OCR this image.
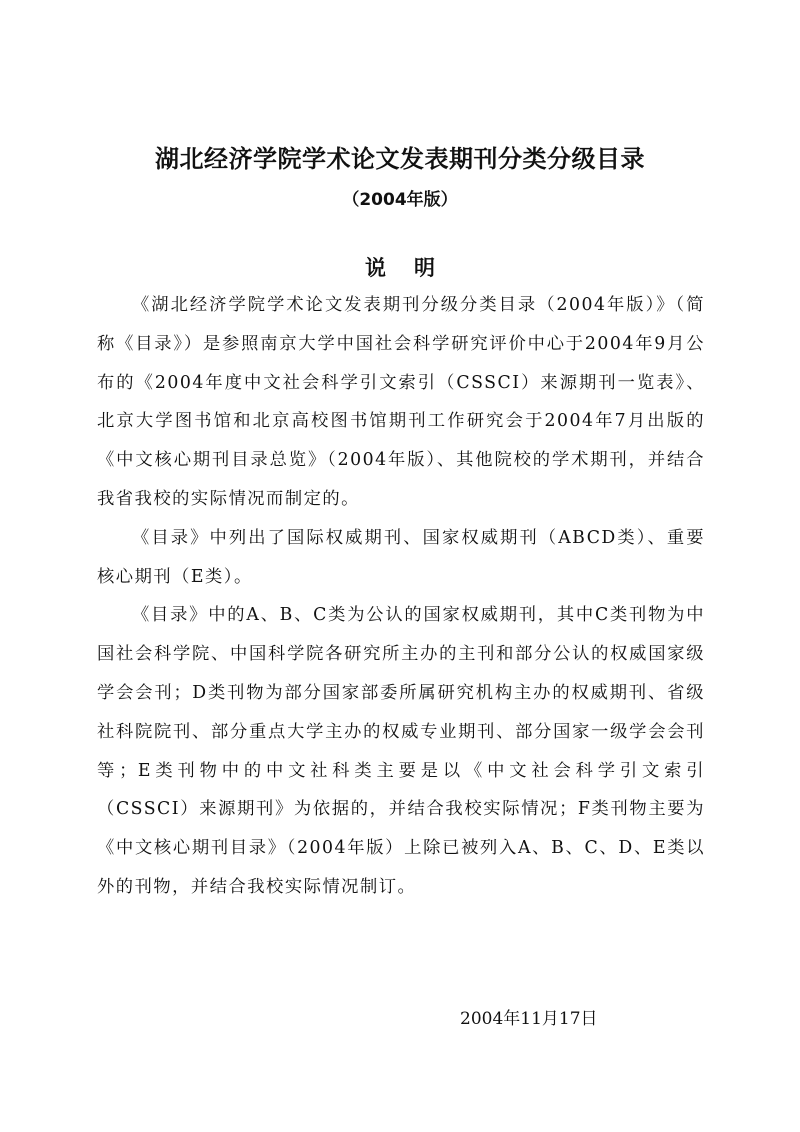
湖北经济学院学术论文发表期刊分类分级目录
（2004年版）
说明

《湖北经济学院学术论文发表期刊分级分类目录（2004年版）》（简称《目录》）是参照南京大学中国社会科学研究评价中心于2004年9月公布的《2004年度中文社会科学引文索引（CSSCI）来源期刊一览表》、北京大学图书馆和北京高校图书馆期刊工作研究会于2004年7月出版的《中文核心期刊目录总览》（2004年版）、其他院校的学术期刊，并结合我省我校的实际情况而制定的。

《目录》中列出了国际权威期刊、国家权威期刊（ABCD类）、重要核心期刊（E类）。

《目录》中的A、B、C类为公认的国家权威期刊，其中C类刊物为中国社会科学院、中国科学院各研究所主办的主刊和部分公认的权威国家级学会会刊；D类刊物为部分国家部委所属研究机构主办的权威期刊、省级社科院院刊、部分重点大学主办的权威专业期刊、部分国家一级学会会刊等；E类刊物中的中文社科类主要是以《中文社会科学引文索引（CSSCI）来源期刊》为依据的，并结合我校实际情况；F类刊物主要为《中文核心期刊目录》（2004年版）上除已被列入A、B、C、D、E类以外的刊物，并结合我校实际情况制订。

2004年11月17日
